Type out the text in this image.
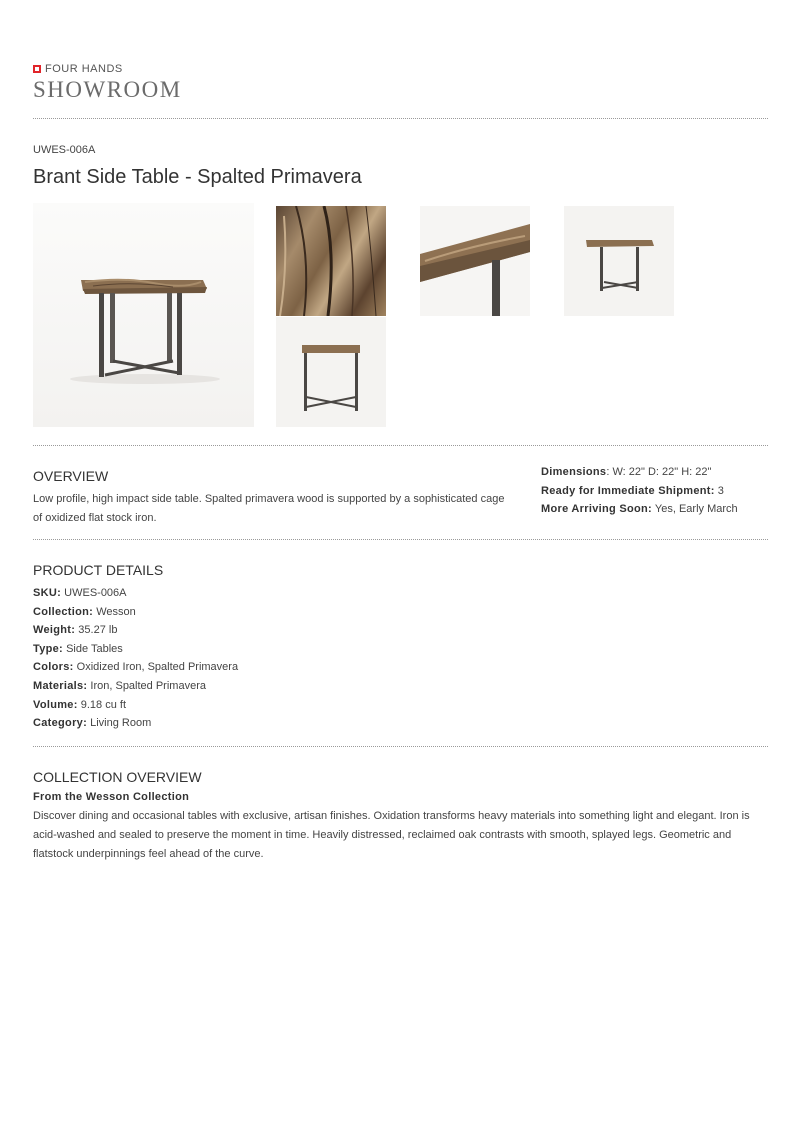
FOUR HANDS
SHOWROOM
UWES-006A
Brant Side Table - Spalted Primavera
OVERVIEW
Low profile, high impact side table. Spalted primavera wood is supported by a sophisticated cage of oxidized flat stock iron.
Dimensions: W: 22" D: 22" H: 22"
Ready for Immediate Shipment: 3
More Arriving Soon: Yes, Early March
PRODUCT DETAILS
SKU: UWES-006A
Collection: Wesson
Weight: 35.27 lb
Type: Side Tables
Colors: Oxidized Iron, Spalted Primavera
Materials: Iron, Spalted Primavera
Volume: 9.18 cu ft
Category: Living Room
COLLECTION OVERVIEW
From the Wesson Collection
Discover dining and occasional tables with exclusive, artisan finishes. Oxidation transforms heavy materials into something light and elegant. Iron is acid-washed and sealed to preserve the moment in time. Heavily distressed, reclaimed oak contrasts with smooth, splayed legs. Geometric and flatstock underpinnings feel ahead of the curve.
